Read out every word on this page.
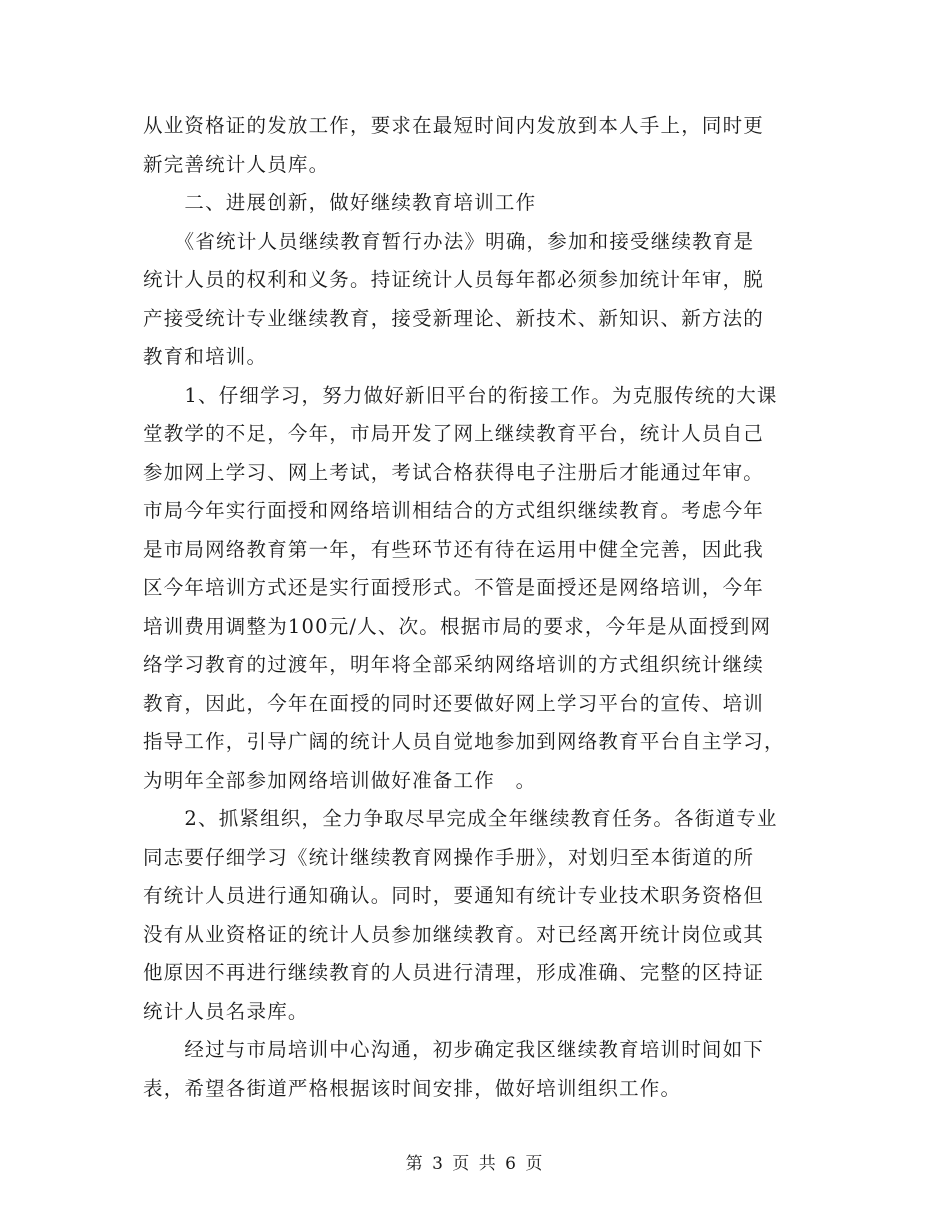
从业资格证的发放工作，要求在最短时间内发放到本人手上，同时更
新完善统计人员库。
　　二、进展创新，做好继续教育培训工作
　　《省统计人员继续教育暂行办法》明确，参加和接受继续教育是
统计人员的权利和义务。持证统计人员每年都必须参加统计年审，脱
产接受统计专业继续教育，接受新理论、新技术、新知识、新方法的
教育和培训。
　　1、仔细学习，努力做好新旧平台的衔接工作。为克服传统的大课
堂教学的不足，今年，市局开发了网上继续教育平台，统计人员自己
参加网上学习、网上考试，考试合格获得电子注册后才能通过年审。
市局今年实行面授和网络培训相结合的方式组织继续教育。考虑今年
是市局网络教育第一年，有些环节还有待在运用中健全完善，因此我
区今年培训方式还是实行面授形式。不管是面授还是网络培训，今年
培训费用调整为100元/人、次。根据市局的要求，今年是从面授到网
络学习教育的过渡年，明年将全部采纳网络培训的方式组织统计继续
教育，因此，今年在面授的同时还要做好网上学习平台的宣传、培训
指导工作，引导广阔的统计人员自觉地参加到网络教育平台自主学习，
为明年全部参加网络培训做好准备工作　。
　　2、抓紧组织，全力争取尽早完成全年继续教育任务。各街道专业
同志要仔细学习《统计继续教育网操作手册》，对划归至本街道的所
有统计人员进行通知确认。同时，要通知有统计专业技术职务资格但
没有从业资格证的统计人员参加继续教育。对已经离开统计岗位或其
他原因不再进行继续教育的人员进行清理，形成准确、完整的区持证
统计人员名录库。
　　经过与市局培训中心沟通，初步确定我区继续教育培训时间如下
表，希望各街道严格根据该时间安排，做好培训组织工作。
第 3 页 共 6 页
